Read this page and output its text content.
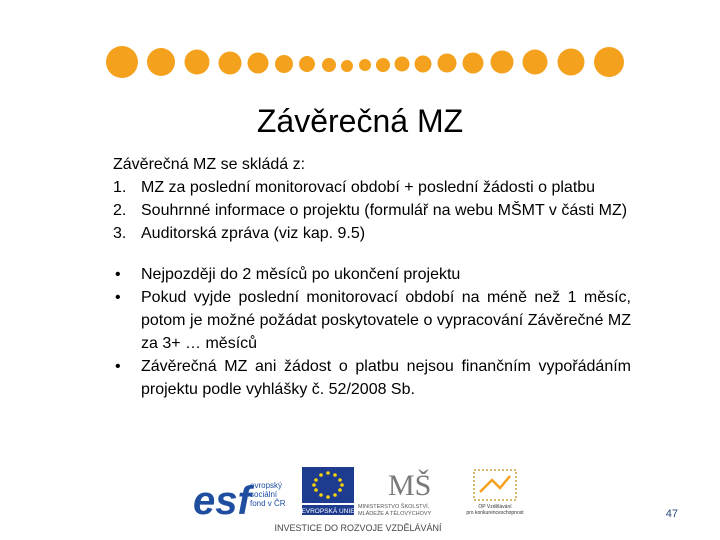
Závěrečná MZ

Závěrečná MZ se skládá z:

1. MZ za poslední monitorovací období + poslední žádosti o platbu
2. Souhrnné informace o projektu (formulář na webu MŠMT v části MZ)
3. Auditorská zpráva (viz kap. 9.5)
• Nejpozději do 2 měsíců po ukončení projektu
• Pokud vyjde poslední monitorovací období na méně než 1 měsíc, potom je možné požádat poskytovatele o vypracování Závěrečné MZ za 3+ … měsíců
• Závěrečná MZ ani žádost o platbu nejsou finančním vypořádáním projektu podle vyhlášky č. 52/2008 Sb.
esf evropský
sociální
fond v ČR
EVROPSKÁ UNIE
MŠ
MINISTERSTVO ŠKOLSTVÍ,
MLÁDEŽE A TĚLOVÝCHOVY
OP Vzdělávání
pro konkurenceschopnost
INVESTICE DO ROZVOJE VZDĚLÁVÁNÍ
47
